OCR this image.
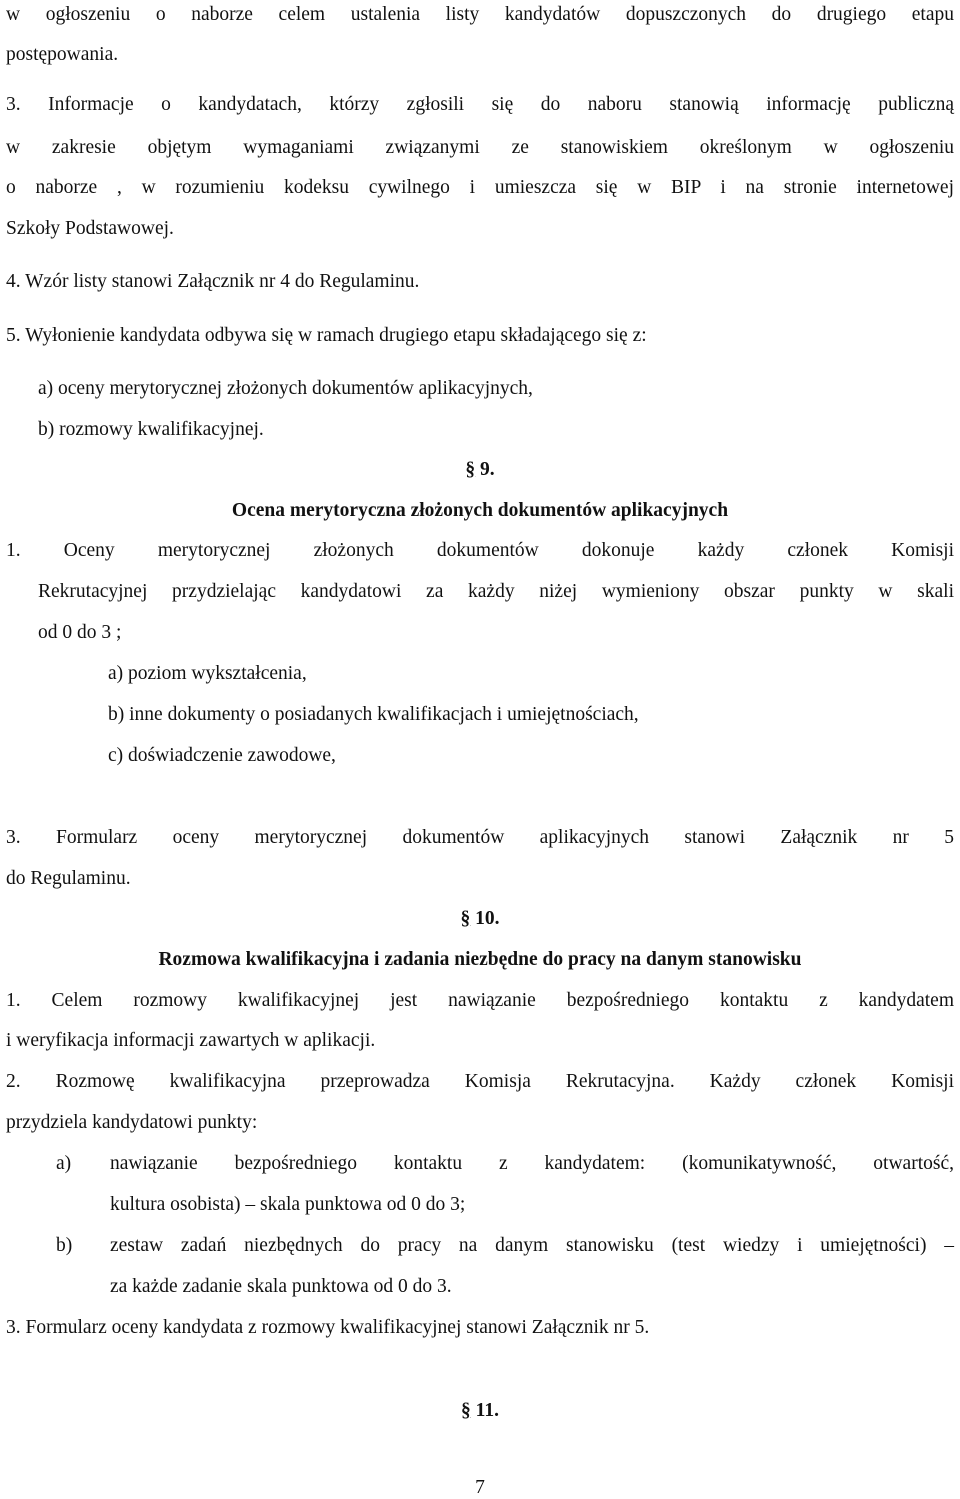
w ogłoszeniu o naborze celem ustalenia listy kandydatów dopuszczonych do drugiego etapu
postępowania.
3. Informacje o kandydatach, którzy zgłosili się do naboru stanowią informację publiczną
w zakresie objętym wymaganiami związanymi ze stanowiskiem określonym w ogłoszeniu
o naborze , w rozumieniu kodeksu cywilnego i umieszcza się w BIP i na stronie internetowej
Szkoły Podstawowej.
4. Wzór listy stanowi Załącznik nr 4 do Regulaminu.
5. Wyłonienie kandydata odbywa się w ramach drugiego etapu składającego się z:
a) oceny merytorycznej złożonych dokumentów aplikacyjnych,
b) rozmowy kwalifikacyjnej.
§ 9.
Ocena merytoryczna złożonych dokumentów aplikacyjnych
1. Oceny merytorycznej złożonych dokumentów dokonuje każdy członek Komisji
Rekrutacyjnej przydzielając kandydatowi za każdy niżej wymieniony obszar punkty w skali
od 0 do 3 ;
a) poziom wykształcenia,
b) inne dokumenty o posiadanych kwalifikacjach i umiejętnościach,
c) doświadczenie zawodowe,
3. Formularz oceny merytorycznej dokumentów aplikacyjnych stanowi Załącznik nr 5
do Regulaminu.
§ 10.
Rozmowa kwalifikacyjna i zadania niezbędne do pracy na danym stanowisku
1. Celem rozmowy kwalifikacyjnej jest nawiązanie bezpośredniego kontaktu z kandydatem
i weryfikacja informacji zawartych w aplikacji.
2. Rozmowę kwalifikacyjna przeprowadza Komisja Rekrutacyjna. Każdy członek Komisji
przydziela kandydatowi punkty:
a) nawiązanie bezpośredniego kontaktu z kandydatem: (komunikatywność, otwartość,
kultura osobista) – skala punktowa od 0 do 3;
b) zestaw zadań niezbędnych do pracy na danym stanowisku (test wiedzy i umiejętności) –
za każde zadanie skala punktowa od 0 do 3.
3. Formularz oceny kandydata z rozmowy kwalifikacyjnej stanowi Załącznik nr 5.
§ 11.
7
